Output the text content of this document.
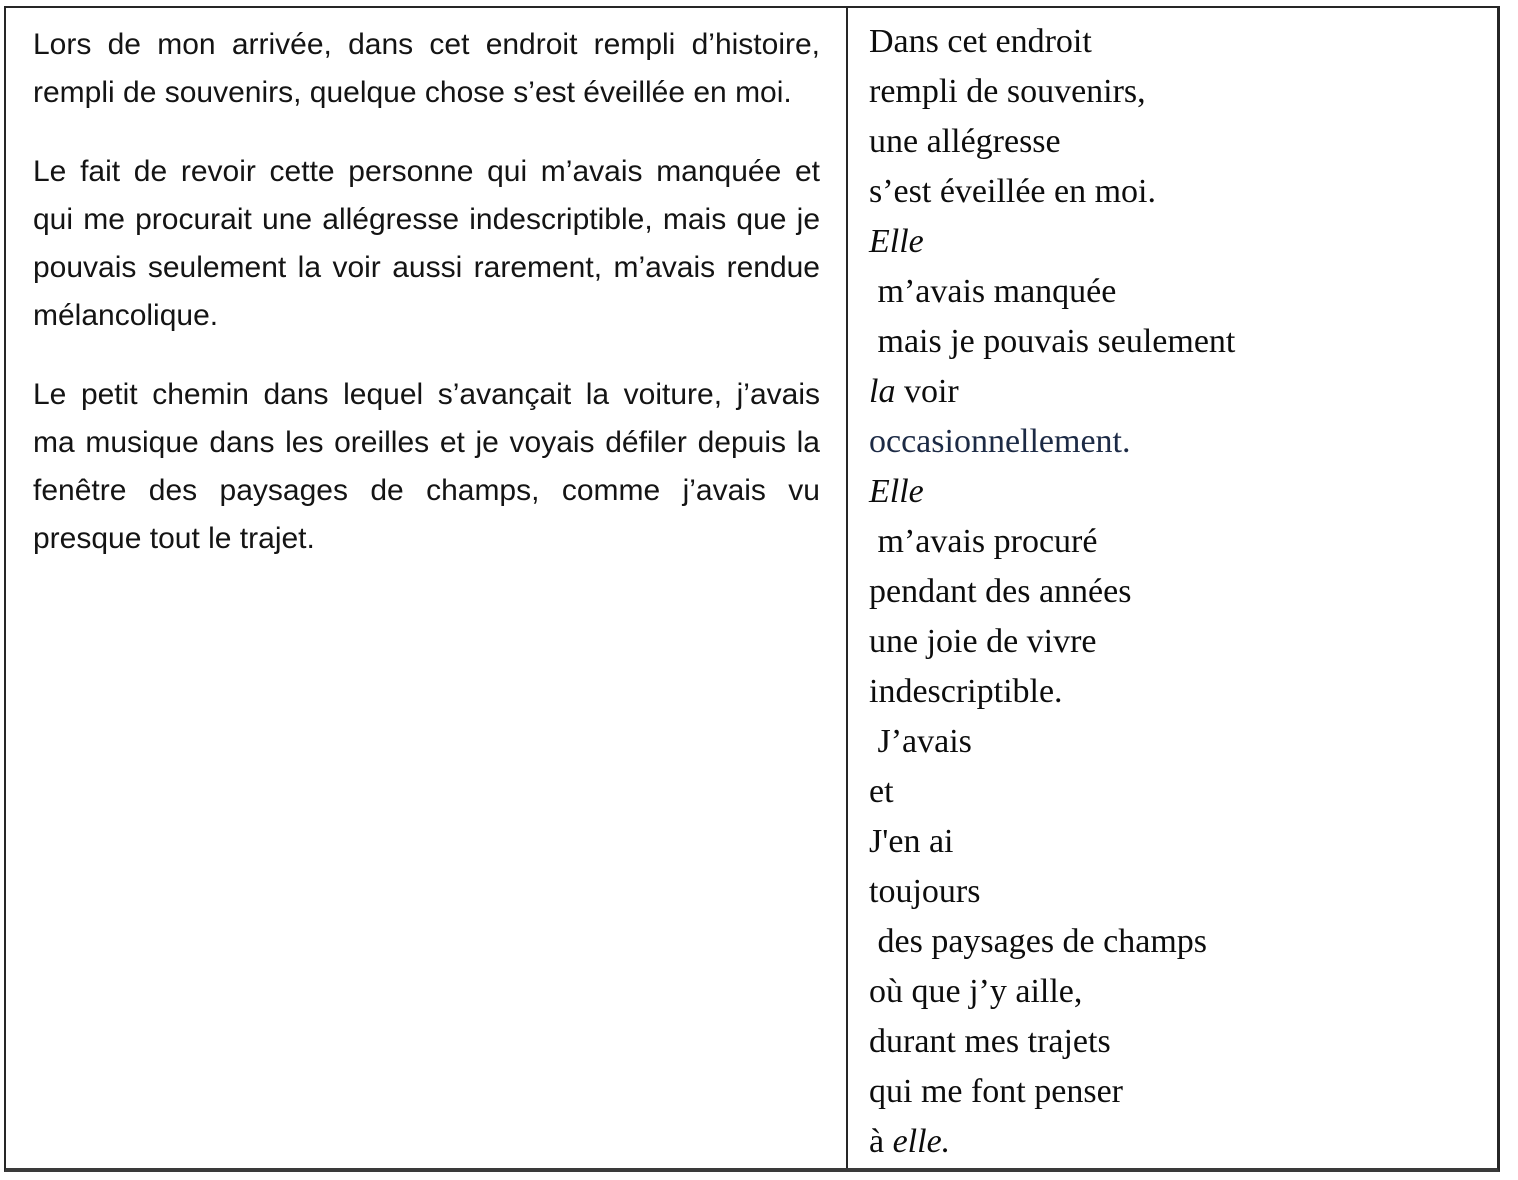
Lors de mon arrivée, dans cet endroit rempli d’histoire, rempli de souvenirs, quelque chose s’est éveillée en moi.

Le fait de revoir cette personne qui m’avais manquée et qui me procurait une allégresse indescriptible, mais que je pouvais seulement la voir aussi rarement, m’avais rendue mélancolique.

Le petit chemin dans lequel s’avançait la voiture, j’avais ma musique dans les oreilles et je voyais défiler depuis la fenêtre des paysages de champs, comme j’avais vu presque tout le trajet.

Dans cet endroit
rempli de souvenirs,
une allégresse
s’est éveillée en moi.
Elle
m’avais manquée
mais je pouvais seulement
la voir
occasionnellement.
Elle
m’avais procuré
pendant des années
une joie de vivre
indescriptible.
J’avais
et
J'en ai
toujours
des paysages de champs
où que j’y aille,
durant mes trajets
qui me font penser
à elle.
